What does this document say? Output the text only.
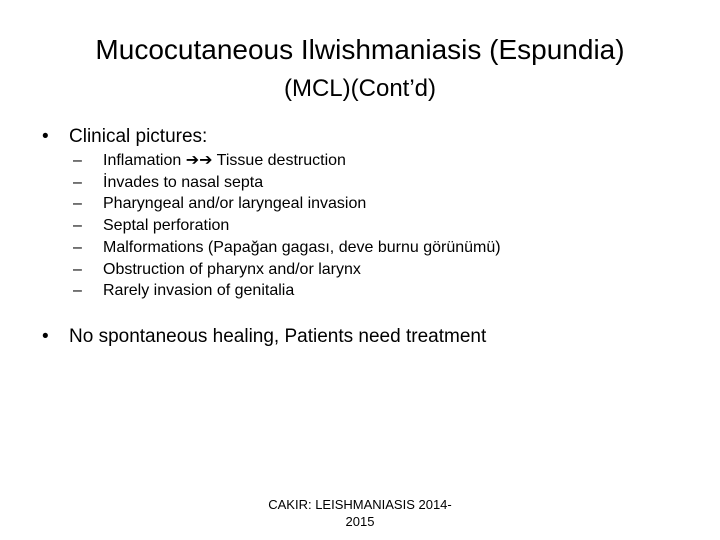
Mucocutaneous Ilwishmaniasis (Espundia)
(MCL)(Cont’d)
• Clinical pictures:
– Inflamation ➔➔ Tissue destruction
– İnvades to nasal septa
– Pharyngeal and/or laryngeal invasion
– Septal perforation
– Malformations (Papağan gagası, deve burnu görünümü)
– Obstruction of pharynx and/or larynx
– Rarely invasion of genitalia
• No spontaneous healing, Patients need treatment
CAKIR: LEISHMANIASIS 2014-
2015
